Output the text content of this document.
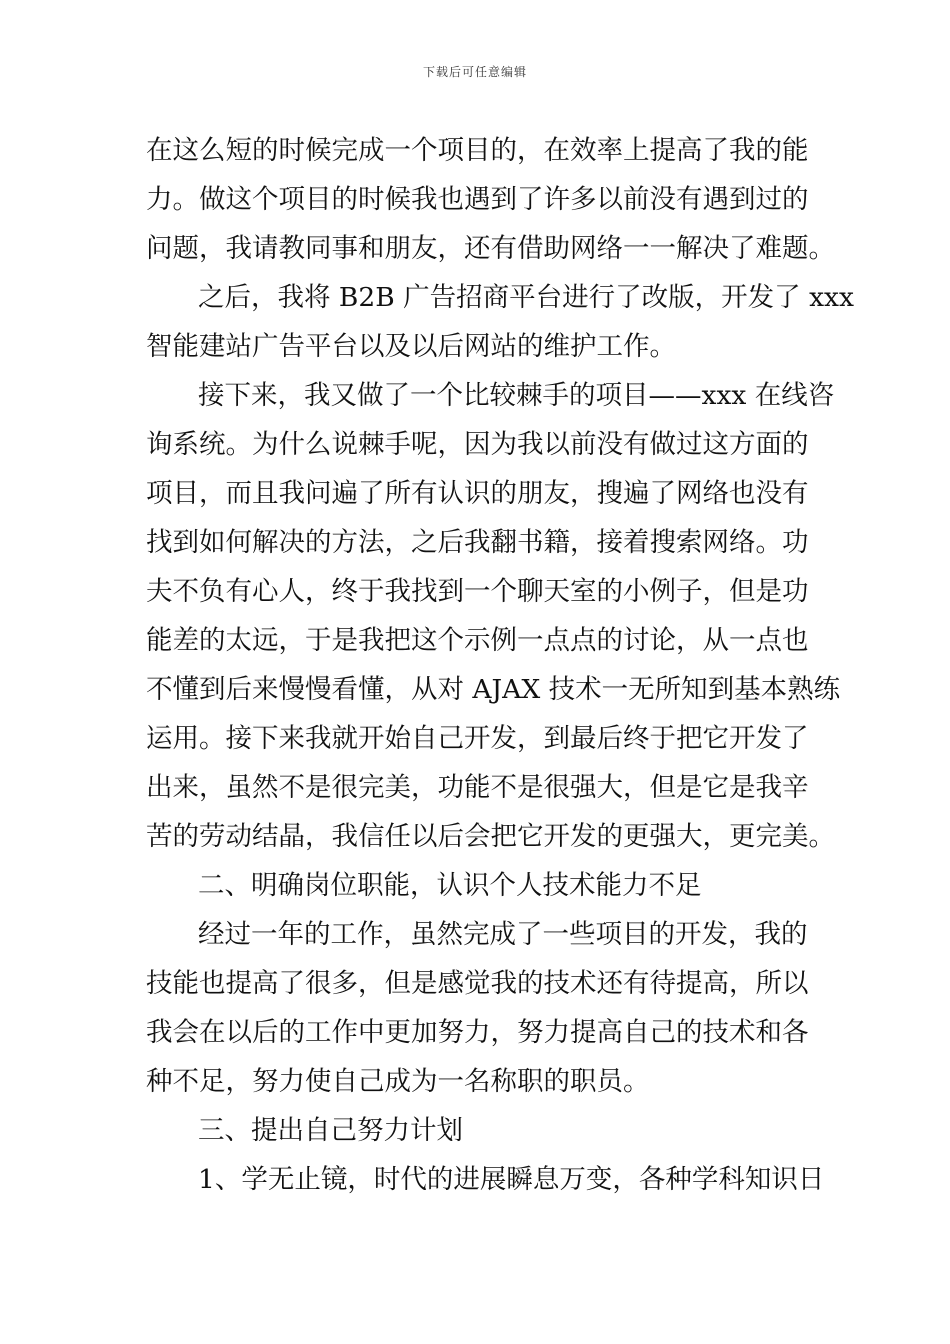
下载后可任意编辑
在这么短的时候完成一个项目的，在效率上提高了我的能
力。做这个项目的时候我也遇到了许多以前没有遇到过的
问题，我请教同事和朋友，还有借助网络一一解决了难题。
之后，我将 B2B 广告招商平台进行了改版，开发了 xxx
智能建站广告平台以及以后网站的维护工作。
接下来，我又做了一个比较棘手的项目——xxx 在线咨
询系统。为什么说棘手呢，因为我以前没有做过这方面的
项目，而且我问遍了所有认识的朋友，搜遍了网络也没有
找到如何解决的方法，之后我翻书籍，接着搜索网络。功
夫不负有心人，终于我找到一个聊天室的小例子，但是功
能差的太远，于是我把这个示例一点点的讨论，从一点也
不懂到后来慢慢看懂，从对 AJAX 技术一无所知到基本熟练
运用。接下来我就开始自己开发，到最后终于把它开发了
出来，虽然不是很完美，功能不是很强大，但是它是我辛
苦的劳动结晶，我信任以后会把它开发的更强大，更完美。
二、明确岗位职能，认识个人技术能力不足
经过一年的工作，虽然完成了一些项目的开发，我的
技能也提高了很多，但是感觉我的技术还有待提高，所以
我会在以后的工作中更加努力，努力提高自己的技术和各
种不足，努力使自己成为一名称职的职员。
三、提出自己努力计划
1、学无止镜，时代的进展瞬息万变，各种学科知识日
